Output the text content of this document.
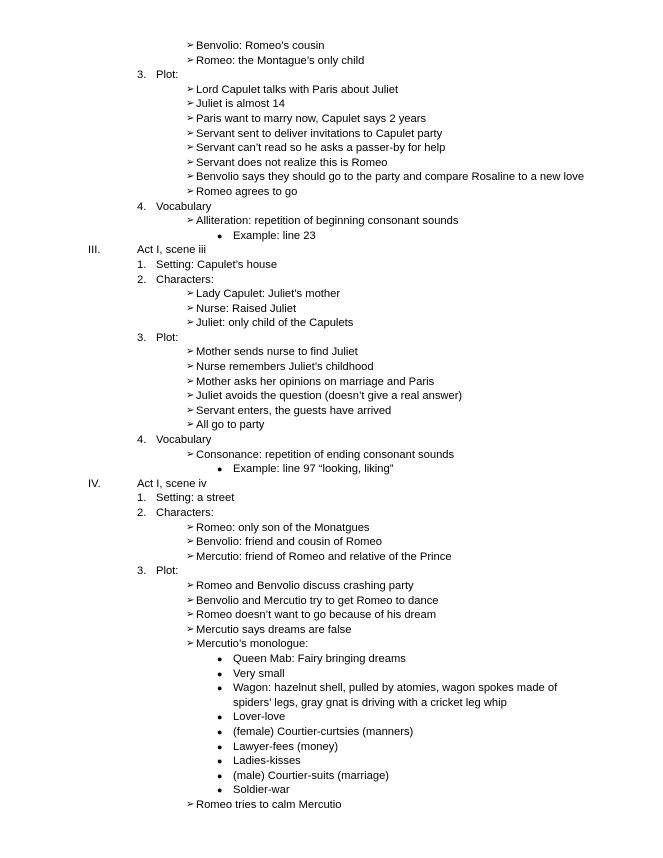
➢ Benvolio: Romeo’s cousin
➢ Romeo: the Montague’s only child
3. Plot:
➢ Lord Capulet talks with Paris about Juliet
➢ Juliet is almost 14
➢ Paris want to marry now, Capulet says 2 years
➢ Servant sent to deliver invitations to Capulet party
➢ Servant can’t read so he asks a passer-by for help
➢ Servant does not realize this is Romeo
➢ Benvolio says they should go to the party and compare Rosaline to a new love
➢ Romeo agrees to go
4. Vocabulary
➢ Alliteration: repetition of beginning consonant sounds
● Example: line 23
III.	Act I, scene iii
1. Setting: Capulet’s house
2. Characters:
➢ Lady Capulet: Juliet’s mother
➢ Nurse: Raised Juliet
➢ Juliet: only child of the Capulets
3. Plot:
➢ Mother sends nurse to find Juliet
➢ Nurse remembers Juliet’s childhood
➢ Mother asks her opinions on marriage and Paris
➢ Juliet avoids the question (doesn’t give a real answer)
➢ Servant enters, the guests have arrived
➢ All go to party
4. Vocabulary
➢ Consonance: repetition of ending consonant sounds
● Example: line 97 “looking, liking”
IV.	Act I, scene iv
1. Setting: a street
2. Characters:
➢ Romeo: only son of the Monatgues
➢ Benvolio: friend and cousin of Romeo
➢ Mercutio: friend of Romeo and relative of the Prince
3. Plot:
➢ Romeo and Benvolio discuss crashing party
➢ Benvolio and Mercutio try to get Romeo to dance
➢ Romeo doesn’t want to go because of his dream
➢ Mercutio says dreams are false
➢ Mercutio’s monologue:
● Queen Mab: Fairy bringing dreams
● Very small
● Wagon: hazelnut shell, pulled by atomies, wagon spokes made of spiders’ legs, gray gnat is driving with a cricket leg whip
● Lover-love
● (female) Courtier-curtsies (manners)
● Lawyer-fees (money)
● Ladies-kisses
● (male) Courtier-suits (marriage)
● Soldier-war
➢ Romeo tries to calm Mercutio
